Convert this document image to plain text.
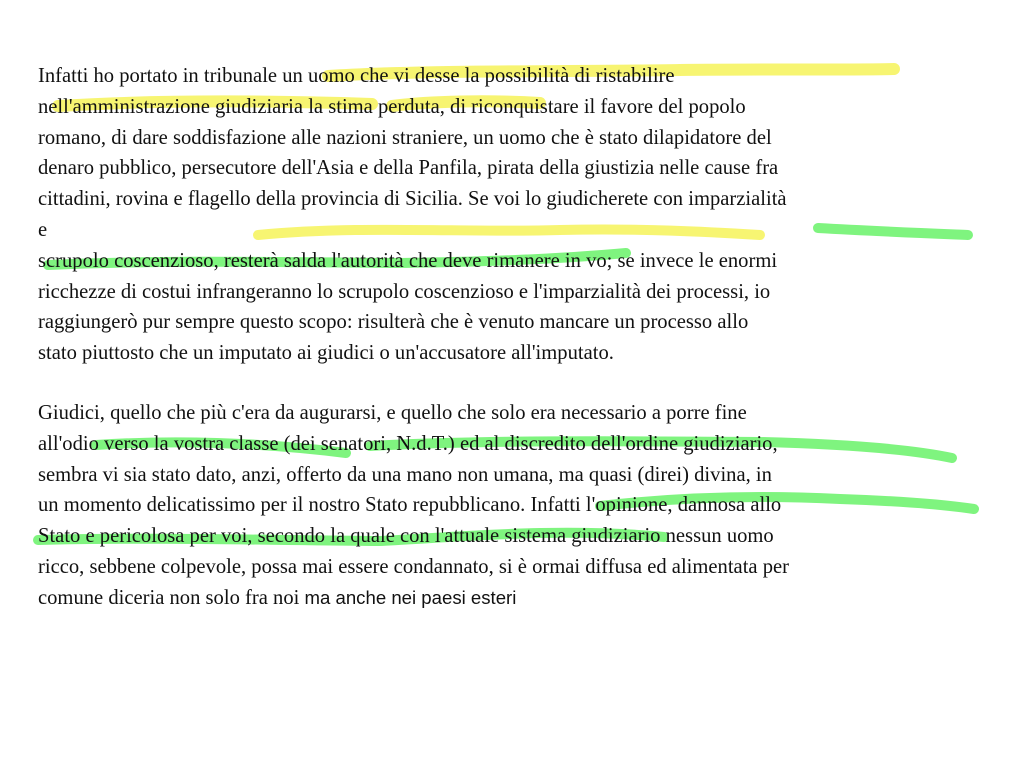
Infatti ho portato in tribunale un uomo che vi desse la possibilità di ristabilire
nell'amministrazione giudiziaria la stima perduta, di riconquistare il favore del popolo
romano, di dare soddisfazione alle nazioni straniere, un uomo che è stato dilapidatore del
denaro pubblico, persecutore dell'Asia e della Panfila, pirata della giustizia nelle cause fra
cittadini, rovina e flagello della provincia di Sicilia. Se voi lo giudicherete con imparzialità
e
scrupolo coscenzioso, resterà salda l'autorità che deve rimanere in vo; se invece le enormi
ricchezze di costui infrangeranno lo scrupolo coscenzioso e l'imparzialità dei processi, io
raggiungerò pur sempre questo scopo: risulterà che è venuto mancare un processo allo
stato piuttosto che un imputato ai giudici o un'accusatore all'imputato.

Giudici, quello che più c'era da augurarsi, e quello che solo era necessario a porre fine
all'odio verso la vostra classe (dei senatori, N.d.T.) ed al discredito dell'ordine giudiziario,
sembra vi sia stato dato, anzi, offerto da una mano non umana, ma quasi (direi) divina, in
un momento delicatissimo per il nostro Stato repubblicano. Infatti l'opinione, dannosa allo
Stato e pericolosa per voi, secondo la quale con l'attuale sistema giudiziario nessun uomo
ricco, sebbene colpevole, possa mai essere condannato, si è ormai diffusa ed alimentata per
comune diceria non solo fra noi ma anche nei paesi esteri
